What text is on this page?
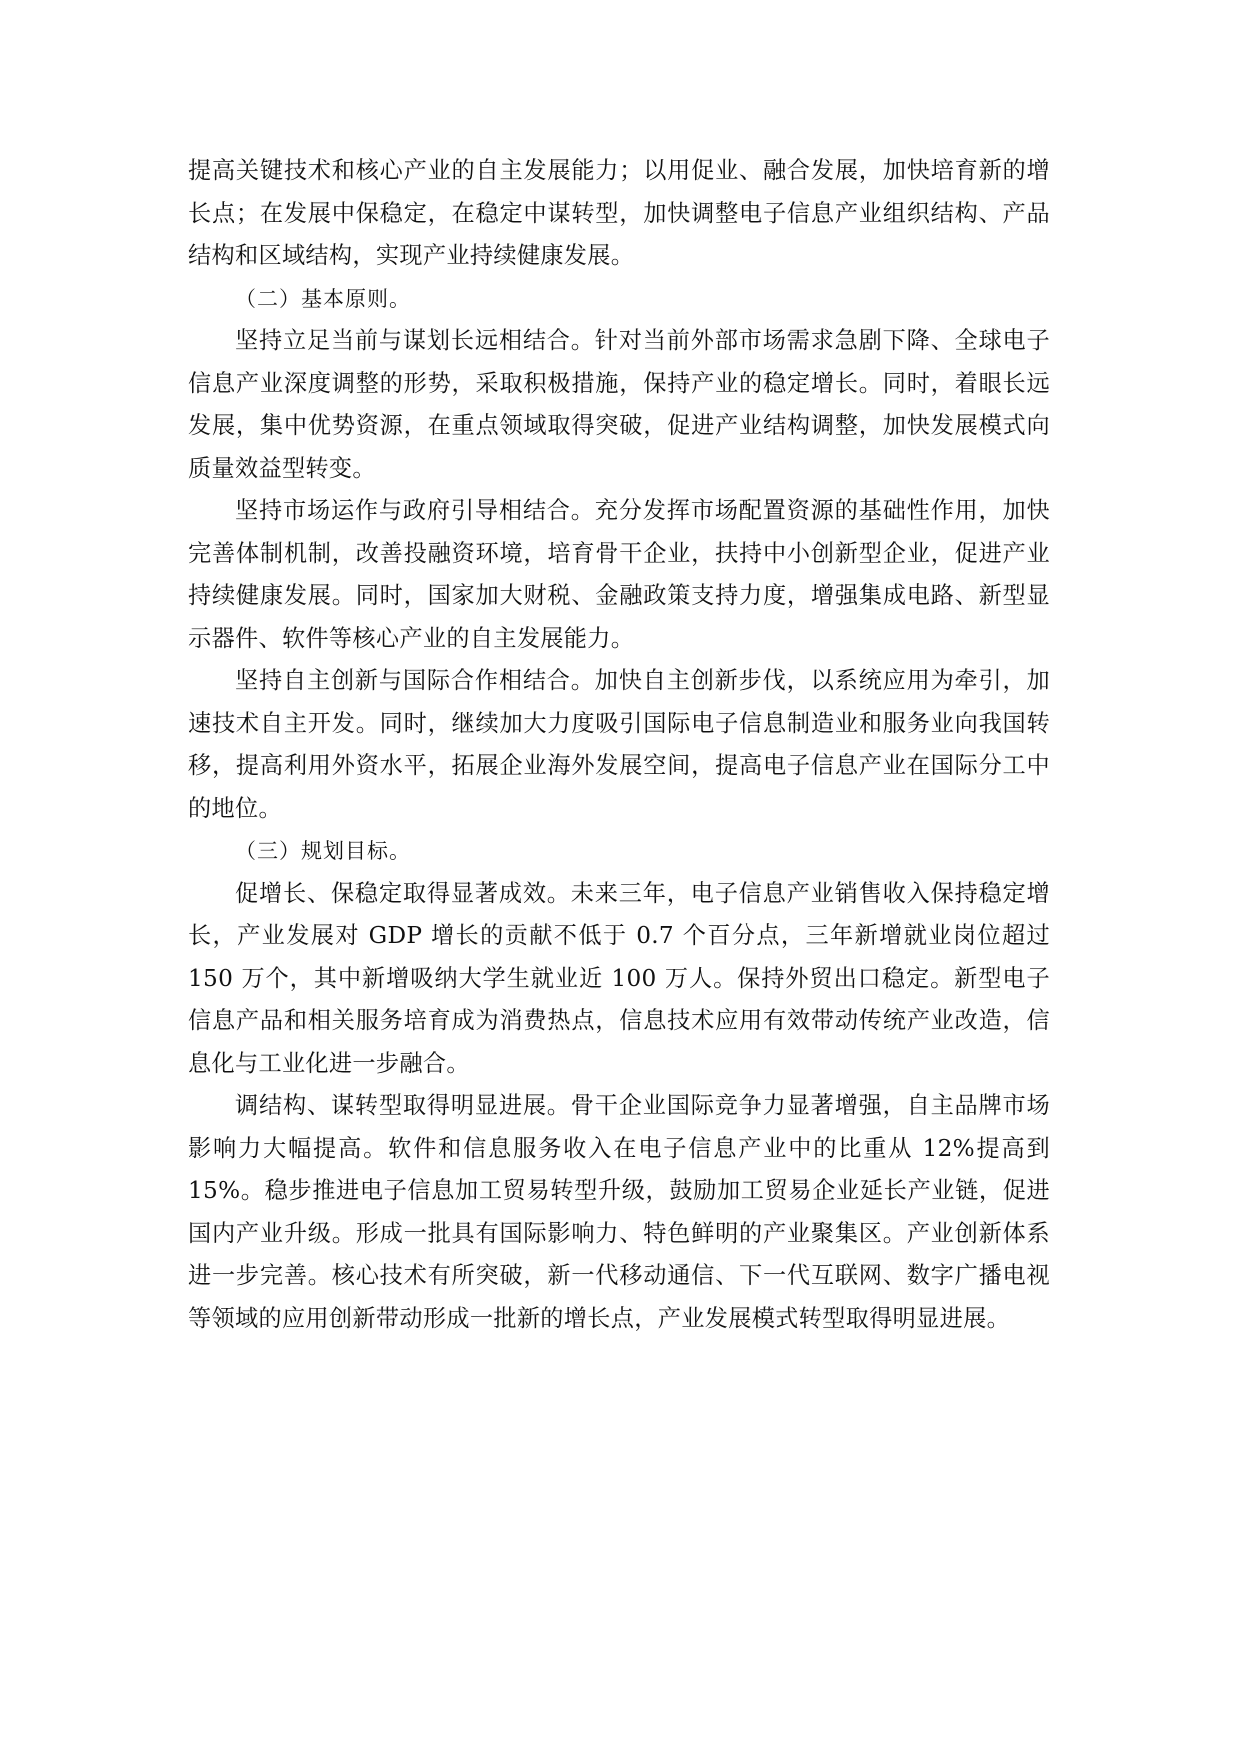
提高关键技术和核心产业的自主发展能力；以用促业、融合发展，加快培育新的增长点；在发展中保稳定，在稳定中谋转型，加快调整电子信息产业组织结构、产品结构和区域结构，实现产业持续健康发展。

（二）基本原则。

坚持立足当前与谋划长远相结合。针对当前外部市场需求急剧下降、全球电子信息产业深度调整的形势，采取积极措施，保持产业的稳定增长。同时，着眼长远发展，集中优势资源，在重点领域取得突破，促进产业结构调整，加快发展模式向质量效益型转变。

坚持市场运作与政府引导相结合。充分发挥市场配置资源的基础性作用，加快完善体制机制，改善投融资环境，培育骨干企业，扶持中小创新型企业，促进产业持续健康发展。同时，国家加大财税、金融政策支持力度，增强集成电路、新型显示器件、软件等核心产业的自主发展能力。

坚持自主创新与国际合作相结合。加快自主创新步伐，以系统应用为牵引，加速技术自主开发。同时，继续加大力度吸引国际电子信息制造业和服务业向我国转移，提高利用外资水平，拓展企业海外发展空间，提高电子信息产业在国际分工中的地位。

（三）规划目标。

促增长、保稳定取得显著成效。未来三年，电子信息产业销售收入保持稳定增长，产业发展对 GDP 增长的贡献不低于 0.7 个百分点，三年新增就业岗位超过150 万个，其中新增吸纳大学生就业近 100 万人。保持外贸出口稳定。新型电子信息产品和相关服务培育成为消费热点，信息技术应用有效带动传统产业改造，信息化与工业化进一步融合。

调结构、谋转型取得明显进展。骨干企业国际竞争力显著增强，自主品牌市场影响力大幅提高。软件和信息服务收入在电子信息产业中的比重从 12%提高到15%。稳步推进电子信息加工贸易转型升级，鼓励加工贸易企业延长产业链，促进国内产业升级。形成一批具有国际影响力、特色鲜明的产业聚集区。产业创新体系进一步完善。核心技术有所突破，新一代移动通信、下一代互联网、数字广播电视等领域的应用创新带动形成一批新的增长点，产业发展模式转型取得明显进展。
